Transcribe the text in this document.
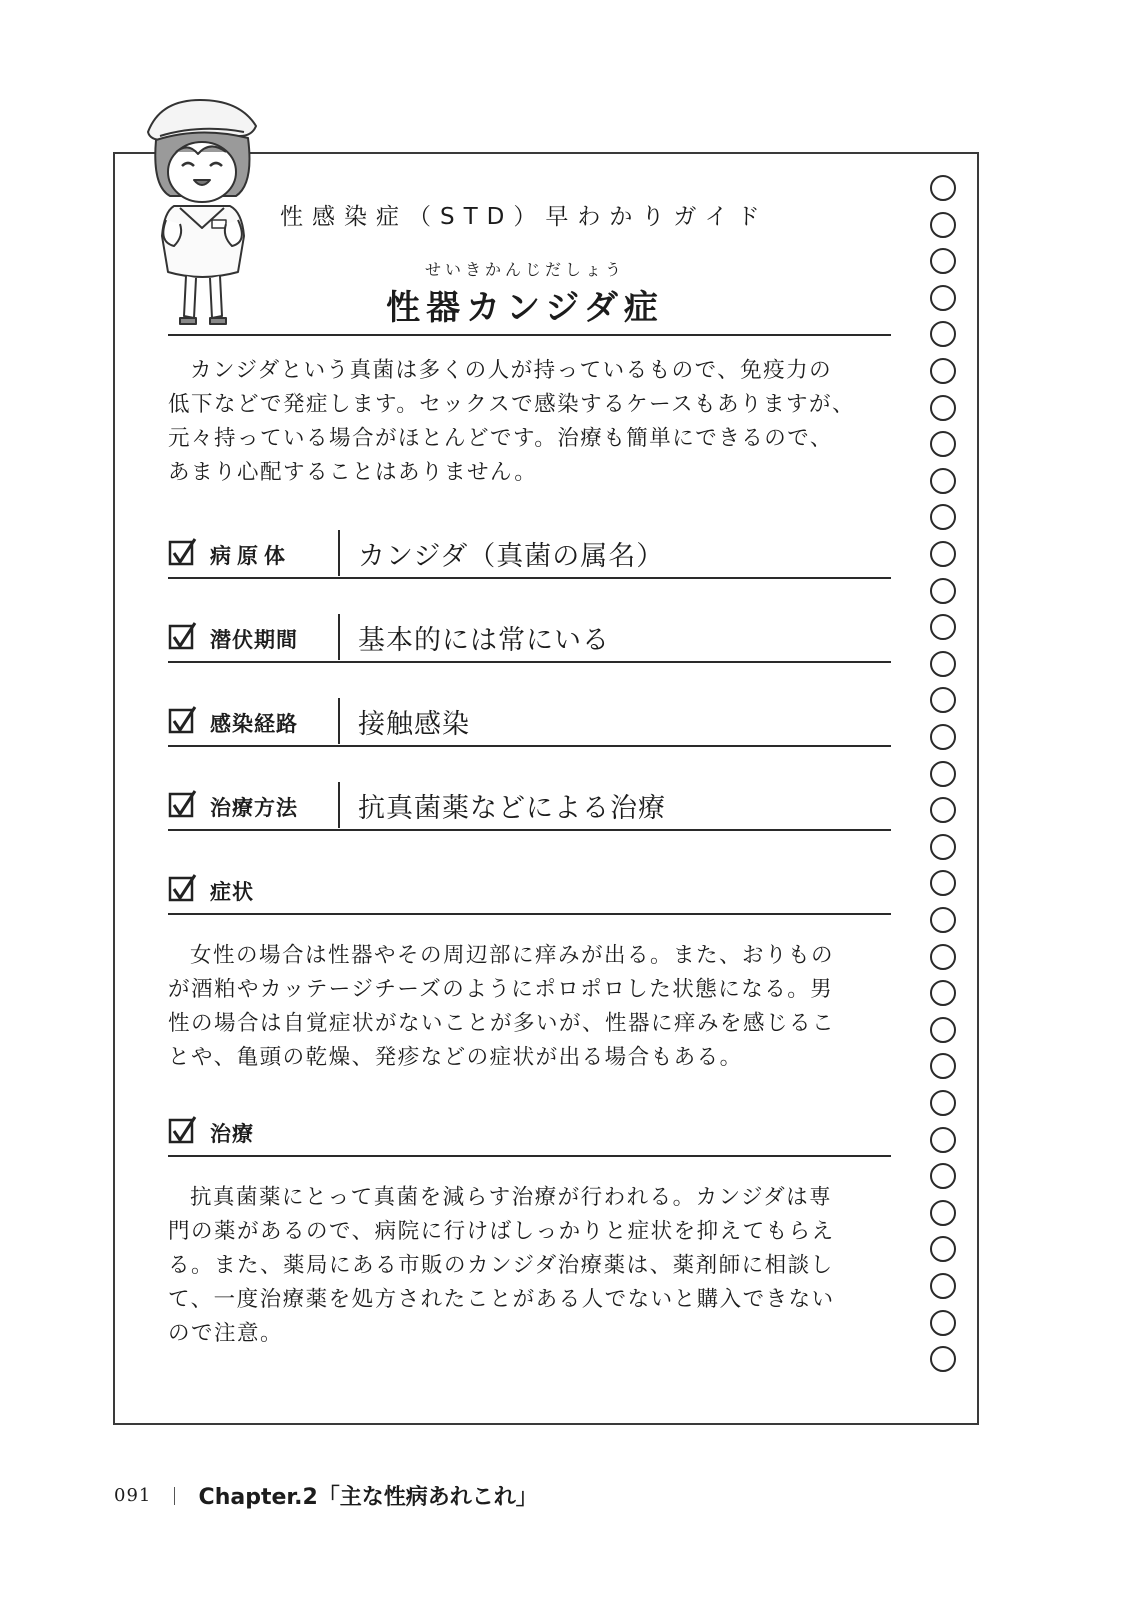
性感染症（STD）早わかりガイド
せいきかんじだしょう
性器カンジダ症
カンジダという真菌は多くの人が持っているもので、免疫力の
低下などで発症します。セックスで感染するケースもありますが、
元々持っている場合がほとんどです。治療も簡単にできるので、
あまり心配することはありません。
病原体 カンジダ（真菌の属名）
潜伏期間 基本的には常にいる
感染経路 接触感染
治療方法 抗真菌薬などによる治療
症状
女性の場合は性器やその周辺部に痒みが出る。また、おりもの
が酒粕やカッテージチーズのようにポロポロした状態になる。男
性の場合は自覚症状がないことが多いが、性器に痒みを感じるこ
とや、亀頭の乾燥、発疹などの症状が出る場合もある。
治療
抗真菌薬にとって真菌を減らす治療が行われる。カンジダは専
門の薬があるので、病院に行けばしっかりと症状を抑えてもらえ
る。また、薬局にある市販のカンジダ治療薬は、薬剤師に相談し
て、一度治療薬を処方されたことがある人でないと購入できない
ので注意。
091 Chapter.2「主な性病あれこれ」
